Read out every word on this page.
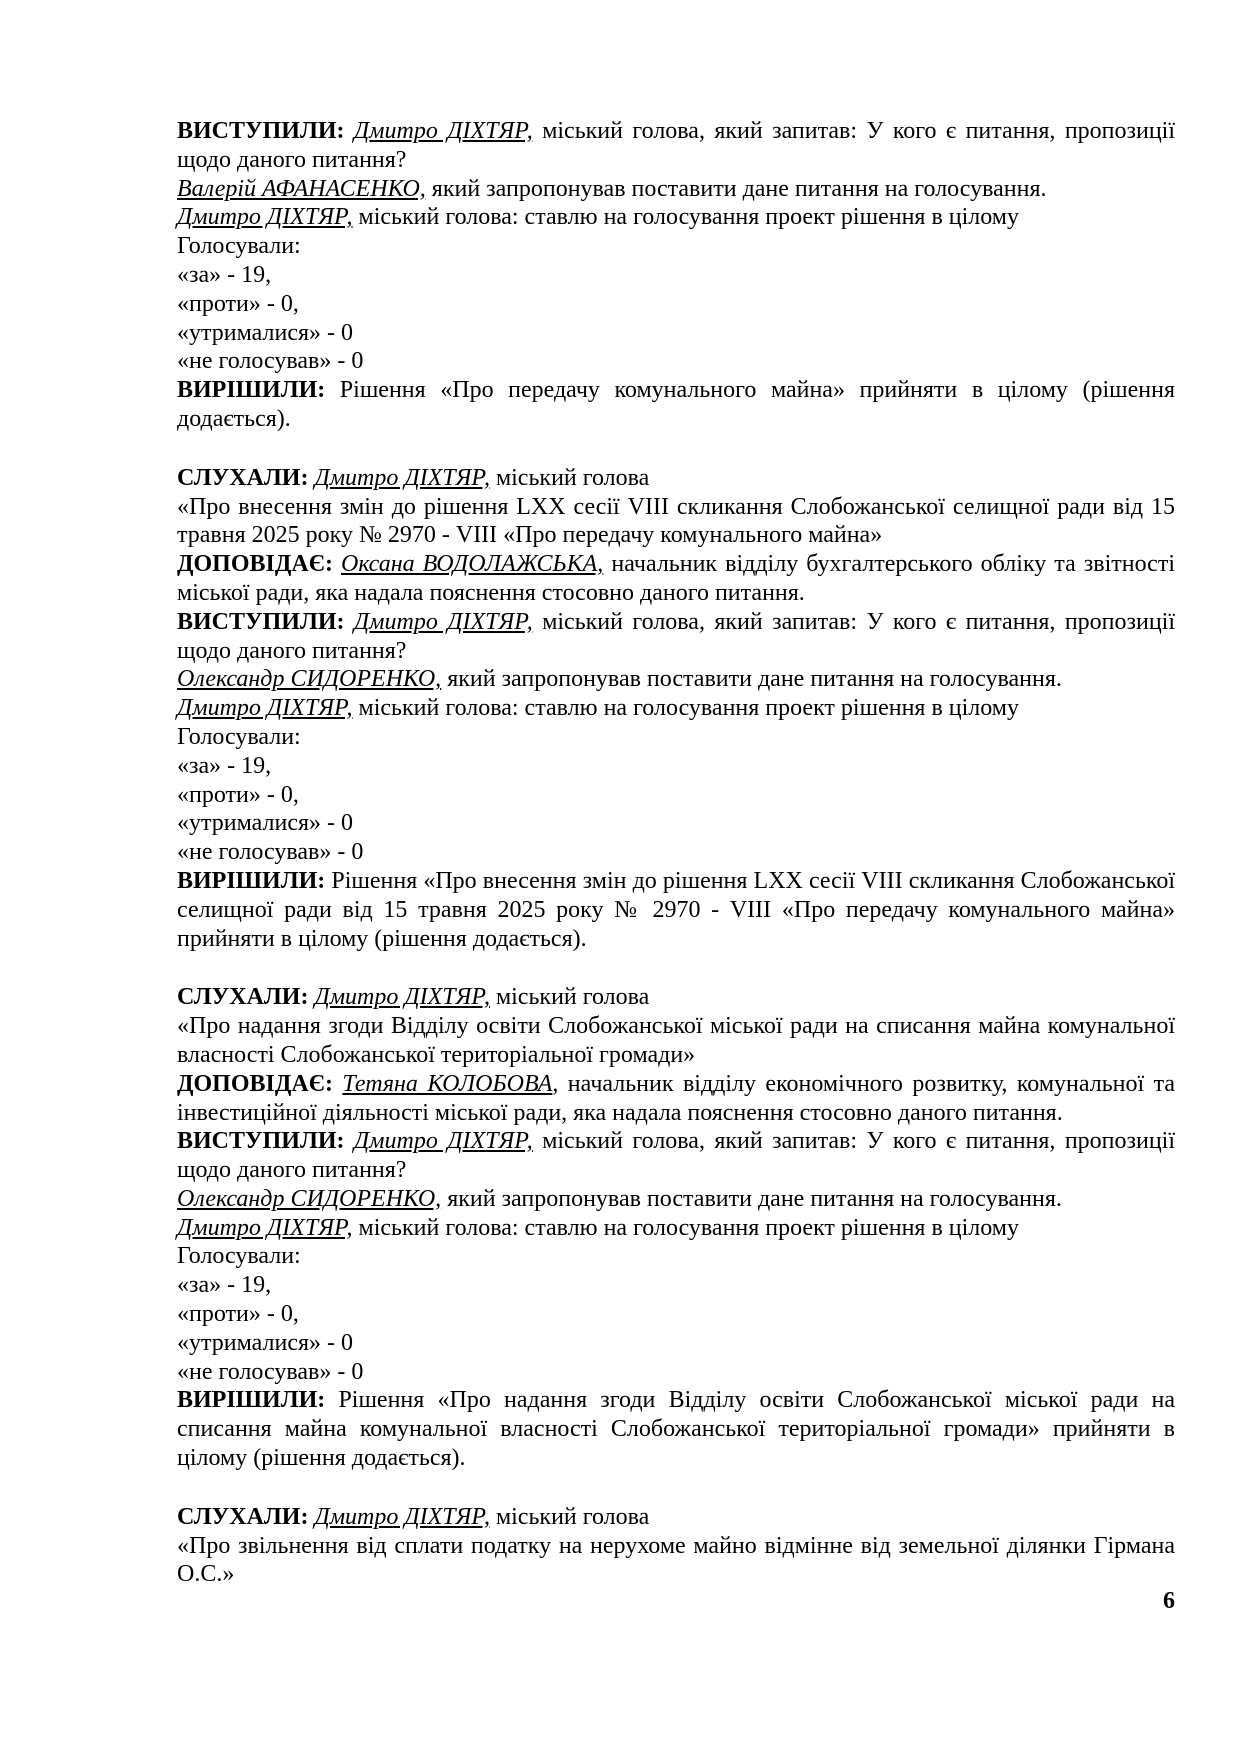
ВИСТУПИЛИ: Дмитро ДІХТЯР, міський голова, який запитав: У кого є питання, пропозиції щодо даного питання?

Валерій АФАНАСЕНКО, який запропонував поставити дане питання на голосування.

Дмитро ДІХТЯР, міський голова: ставлю на голосування проект рішення в цілому

Голосували:

«за» - 19,

«проти» - 0,

«утрималися» - 0

«не голосував» - 0

ВИРІШИЛИ: Рішення «Про передачу комунального майна» прийняти в цілому (рішення додається).

СЛУХАЛИ: Дмитро ДІХТЯР, міський голова

«Про внесення змін до рішення LXX сесії VIII скликання Слобожанської селищної ради від 15 травня 2025 року № 2970 - VIII «Про передачу комунального майна»

ДОПОВІДАЄ: Оксана ВОДОЛАЖСЬКА, начальник відділу бухгалтерського обліку та звітності міської ради, яка надала пояснення стосовно даного питання.

ВИСТУПИЛИ: Дмитро ДІХТЯР, міський голова, який запитав: У кого є питання, пропозиції щодо даного питання?

Олександр СИДОРЕНКО, який запропонував поставити дане питання на голосування.

Дмитро ДІХТЯР, міський голова: ставлю на голосування проект рішення в цілому

Голосували:

«за» - 19,

«проти» - 0,

«утрималися» - 0

«не голосував» - 0

ВИРІШИЛИ: Рішення «Про внесення змін до рішення LXX сесії VIII скликання Слобожанської селищної ради від 15 травня 2025 року № 2970 - VIII «Про передачу комунального майна» прийняти в цілому (рішення додається).

СЛУХАЛИ: Дмитро ДІХТЯР, міський голова

«Про надання згоди Відділу освіти Слобожанської міської ради на списання майна комунальної власності Слобожанської територіальної громади»

ДОПОВІДАЄ: Тетяна КОЛОБОВА, начальник відділу економічного розвитку, комунальної та інвестиційної діяльності міської ради, яка надала пояснення стосовно даного питання.

ВИСТУПИЛИ: Дмитро ДІХТЯР, міський голова, який запитав: У кого є питання, пропозиції щодо даного питання?

Олександр СИДОРЕНКО, який запропонував поставити дане питання на голосування.

Дмитро ДІХТЯР, міський голова: ставлю на голосування проект рішення в цілому

Голосували:

«за» - 19,

«проти» - 0,

«утрималися» - 0

«не голосував» - 0

ВИРІШИЛИ: Рішення «Про надання згоди Відділу освіти Слобожанської міської ради на списання майна комунальної власності Слобожанської територіальної громади» прийняти в цілому (рішення додається).

СЛУХАЛИ: Дмитро ДІХТЯР, міський голова

«Про звільнення від сплати податку на нерухоме майно відмінне від земельної ділянки Гірмана О.С.»

6
